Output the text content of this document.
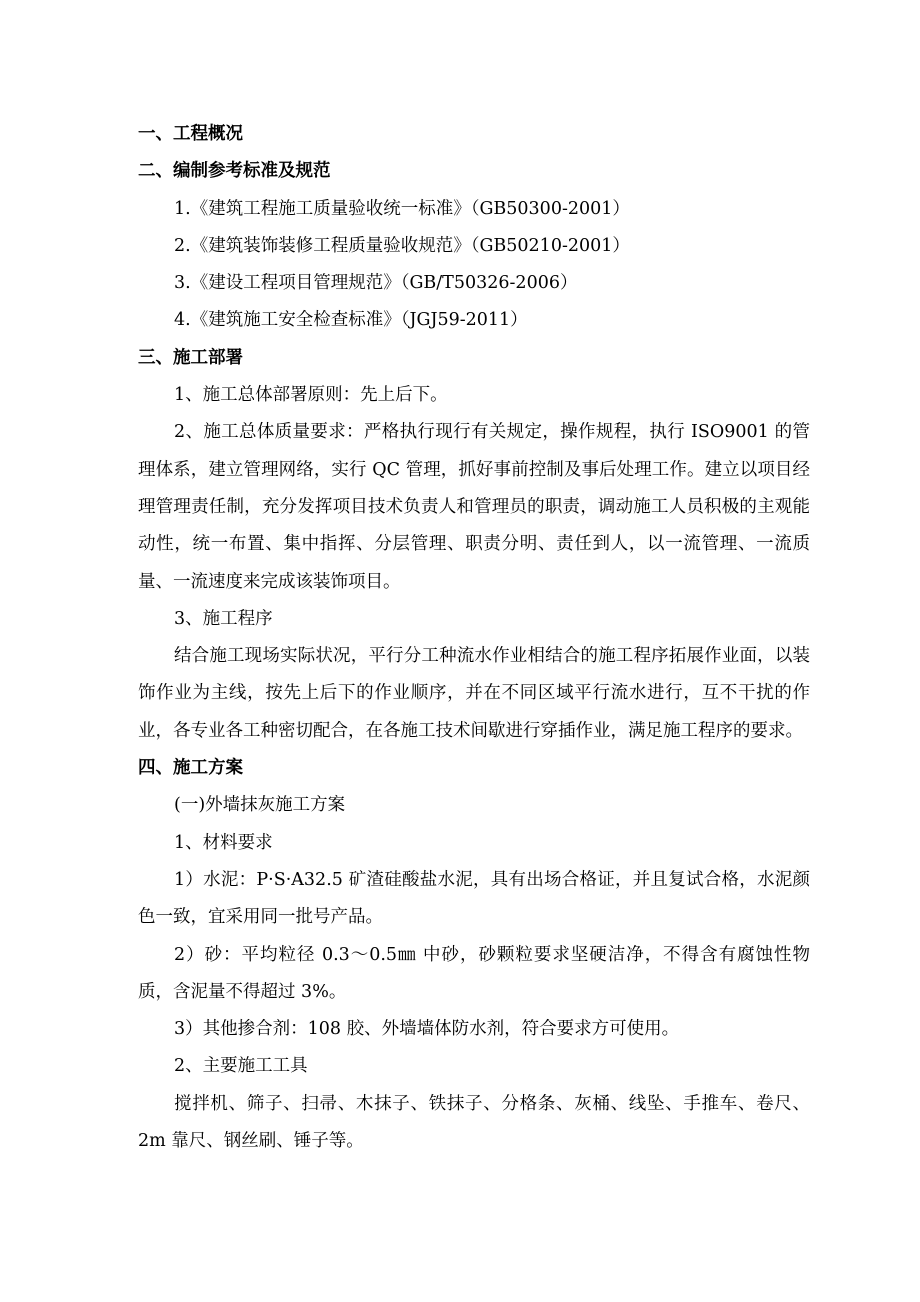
一、工程概况
二、编制参考标准及规范
1.《建筑工程施工质量验收统一标准》（GB50300-2001）
2.《建筑装饰装修工程质量验收规范》（GB50210-2001）
3.《建设工程项目管理规范》（GB/T50326-2006）
4.《建筑施工安全检查标准》（JGJ59-2011）
三、施工部署
1、施工总体部署原则：先上后下。

2、施工总体质量要求：严格执行现行有关规定，操作规程，执行 ISO9001 的管理体系，建立管理网络，实行 QC 管理，抓好事前控制及事后处理工作。建立以项目经理管理责任制，充分发挥项目技术负责人和管理员的职责，调动施工人员积极的主观能动性，统一布置、集中指挥、分层管理、职责分明、责任到人，以一流管理、一流质量、一流速度来完成该装饰项目。

3、施工程序

结合施工现场实际状况，平行分工种流水作业相结合的施工程序拓展作业面，以装饰作业为主线，按先上后下的作业顺序，并在不同区域平行流水进行，互不干扰的作业，各专业各工种密切配合，在各施工技术间歇进行穿插作业，满足施工程序的要求。

四、施工方案
(一)外墙抹灰施工方案
1、材料要求

1）水泥：P·S·A32.5 矿渣硅酸盐水泥，具有出场合格证，并且复试合格，水泥颜色一致，宜采用同一批号产品。

2）砂：平均粒径 0.3～0.5㎜ 中砂，砂颗粒要求坚硬洁净，不得含有腐蚀性物质，含泥量不得超过 3%。

3）其他掺合剂：108 胶、外墙墙体防水剂，符合要求方可使用。
2、主要施工工具

搅拌机、筛子、扫帚、木抹子、铁抹子、分格条、灰桶、线坠、手推车、卷尺、2m 靠尺、钢丝刷、锤子等。
